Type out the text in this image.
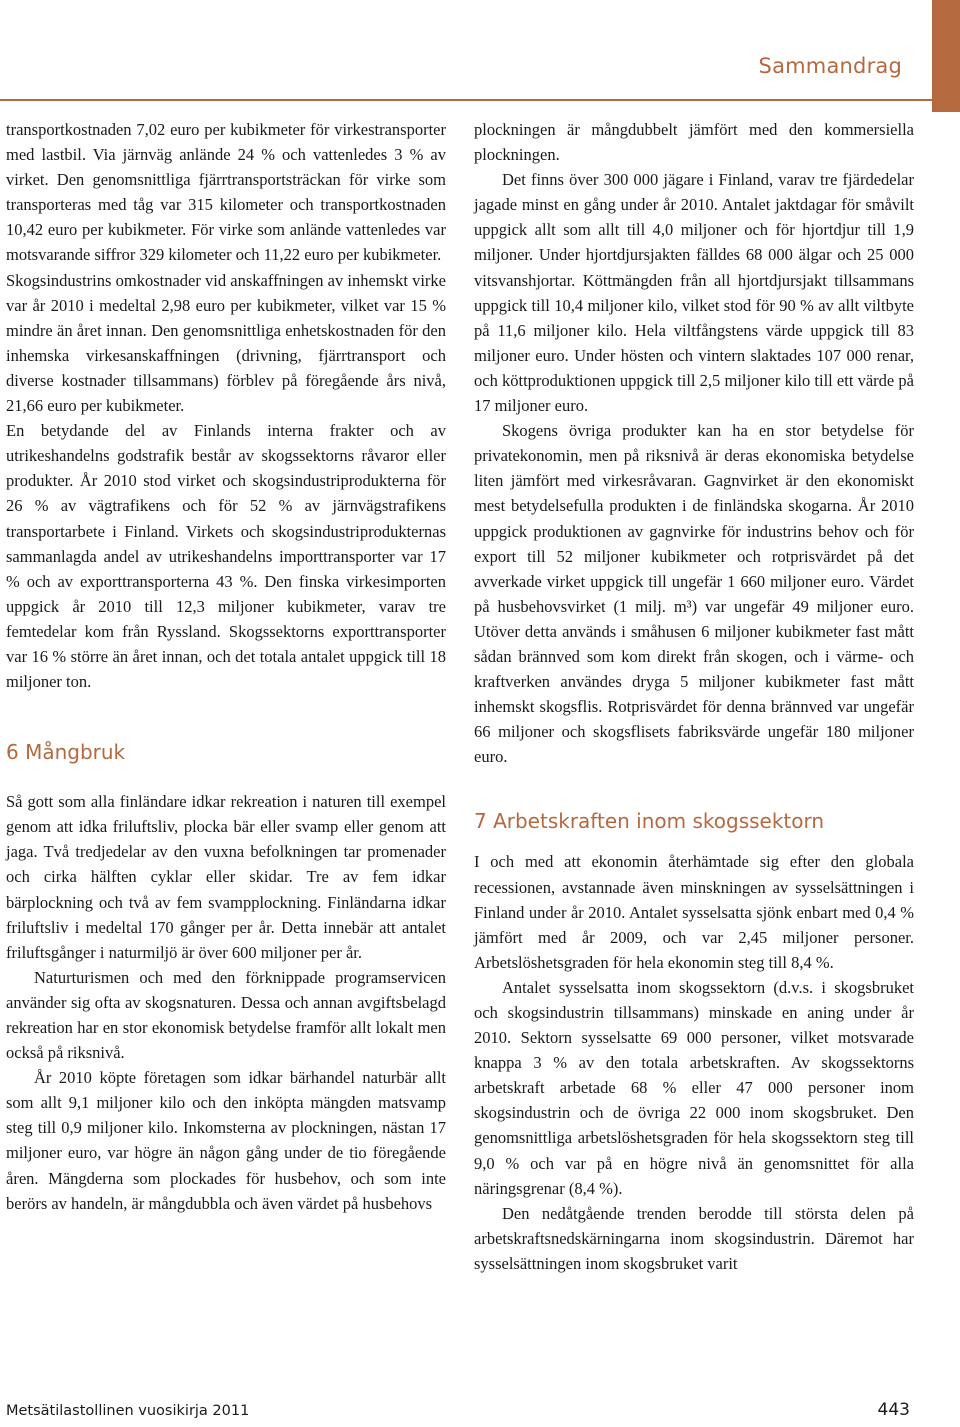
Sammandrag

transportkostnaden 7,02 euro per kubikmeter för virkestransporter med lastbil. Via järnväg anlände 24 % och vattenledes 3 % av virket. Den genomsnittliga fjärrtransportsträckan för virke som transporteras med tåg var 315 kilometer och transportkostnaden 10,42 euro per kubikmeter. För virke som anlände vattenledes var motsvarande siffror 329 kilometer och 11,22 euro per kubikmeter.

Skogsindustrins omkostnader vid anskaffningen av inhemskt virke var år 2010 i medeltal 2,98 euro per kubikmeter, vilket var 15 % mindre än året innan. Den genomsnittliga enhetskostnaden för den inhemska virkesanskaffningen (drivning, fjärrtransport och diverse kostnader tillsammans) förblev på föregående års nivå, 21,66 euro per kubikmeter.

En betydande del av Finlands interna frakter och av utrikeshandelns godstrafik består av skogssektorns råvaror eller produkter. År 2010 stod virket och skogsindustriprodukterna för 26 % av vägtrafikens och för 52 % av järnvägstrafikens transportarbete i Finland. Virkets och skogsindustriprodukternas sammanlagda andel av utrikeshandelns importtransporter var 17 % och av exporttransporterna 43 %. Den finska virkesimporten uppgick år 2010 till 12,3 miljoner kubikmeter, varav tre femtedelar kom från Ryssland. Skogssektorns exporttransporter var 16 % större än året innan, och det totala antalet uppgick till 18 miljoner ton.

6 Mångbruk

Så gott som alla finländare idkar rekreation i naturen till exempel genom att idka friluftsliv, plocka bär eller svamp eller genom att jaga. Två tredjedelar av den vuxna befolkningen tar promenader och cirka hälften cyklar eller skidar. Tre av fem idkar bärplockning och två av fem svampplockning. Finländarna idkar friluftsliv i medeltal 170 gånger per år. Detta innebär att antalet friluftsgånger i naturmiljö är över 600 miljoner per år.

Naturturismen och med den förknippade programservicen använder sig ofta av skogsnaturen. Dessa och annan avgiftsbelagd rekreation har en stor ekonomisk betydelse framför allt lokalt men också på riksnivå.

År 2010 köpte företagen som idkar bärhandel naturbär allt som allt 9,1 miljoner kilo och den inköpta mängden matsvamp steg till 0,9 miljoner kilo. Inkomsterna av plockningen, nästan 17 miljoner euro, var högre än någon gång under de tio föregående åren. Mängderna som plockades för husbehov, och som inte berörs av handeln, är mångdubbla och även värdet på husbehovs

plockningen är mångdubbelt jämfört med den kommersiella plockningen.

Det finns över 300 000 jägare i Finland, varav tre fjärdedelar jagade minst en gång under år 2010. Antalet jaktdagar för småvilt uppgick allt som allt till 4,0 miljoner och för hjortdjur till 1,9 miljoner. Under hjortdjursjakten fälldes 68 000 älgar och 25 000 vitsvanshjortar. Köttmängden från all hjortdjursjakt tillsammans uppgick till 10,4 miljoner kilo, vilket stod för 90 % av allt viltbyte på 11,6 miljoner kilo. Hela viltfångstens värde uppgick till 83 miljoner euro. Under hösten och vintern slaktades 107 000 renar, och köttproduktionen uppgick till 2,5 miljoner kilo till ett värde på 17 miljoner euro.

Skogens övriga produkter kan ha en stor betydelse för privatekonomin, men på riksnivå är deras ekonomiska betydelse liten jämfört med virkesråvaran. Gagnvirket är den ekonomiskt mest betydelsefulla produkten i de finländska skogarna. År 2010 uppgick produktionen av gagnvirke för industrins behov och för export till 52 miljoner kubikmeter och rotprisvärdet på det avverkade virket uppgick till ungefär 1 660 miljoner euro. Värdet på husbehovsvirket (1 milj. m³) var ungefär 49 miljoner euro. Utöver detta används i småhusen 6 miljoner kubikmeter fast mått sådan brännved som kom direkt från skogen, och i värme- och kraftverken användes dryga 5 miljoner kubikmeter fast mått inhemskt skogsflis. Rotprisvärdet för denna brännved var ungefär 66 miljoner och skogsflisets fabriksvärde ungefär 180 miljoner euro.

7 Arbetskraften inom skogssektorn

I och med att ekonomin återhämtade sig efter den globala recessionen, avstannade även minskningen av sysselsättningen i Finland under år 2010. Antalet sysselsatta sjönk enbart med 0,4 % jämfört med år 2009, och var 2,45 miljoner personer. Arbetslöshetsgraden för hela ekonomin steg till 8,4 %.

Antalet sysselsatta inom skogssektorn (d.v.s. i skogsbruket och skogsindustrin tillsammans) minskade en aning under år 2010. Sektorn sysselsatte 69 000 personer, vilket motsvarade knappa 3 % av den totala arbetskraften. Av skogssektorns arbetskraft arbetade 68 % eller 47 000 personer inom skogsindustrin och de övriga 22 000 inom skogsbruket. Den genomsnittliga arbetslöshetsgraden för hela skogssektorn steg till 9,0 % och var på en högre nivå än genomsnittet för alla näringsgrenar (8,4 %).

Den nedåtgående trenden berodde till största delen på arbetskraftsnedskärningarna inom skogsindustrin. Däremot har sysselsättningen inom skogsbruket varit

Metsätilastollinen vuosikirja 2011	443
